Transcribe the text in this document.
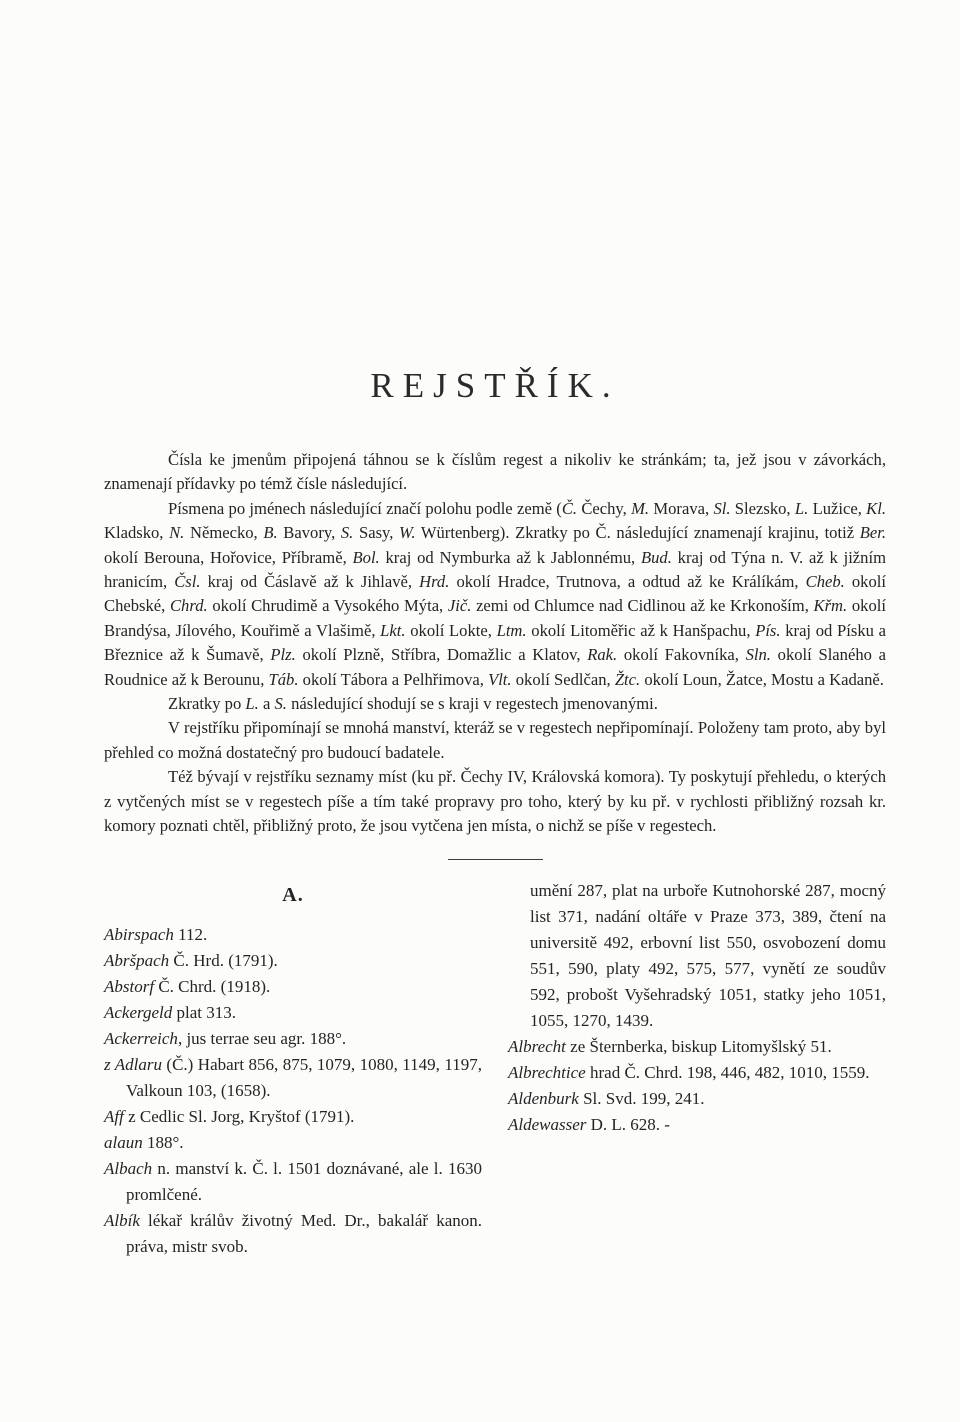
REJSTŘÍK.

Čísla ke jmenům připojená táhnou se k číslům regest a nikoliv ke stránkám; ta, jež jsou v závorkách, znamenají přídavky po témž čísle následující.

Písmena po jménech následující značí polohu podle země (Č. Čechy, M. Morava, Sl. Slezsko, L. Lužice, Kl. Kladsko, N. Německo, B. Bavory, S. Sasy, W. Würtenberg). Zkratky po Č. následující znamenají krajinu, totiž Ber. okolí Berouna, Hořovice, Příbramě, Bol. kraj od Nymburka až k Jablonnému, Bud. kraj od Týna n. V. až k jižním hranicím, Čsl. kraj od Čáslavě až k Jihlavě, Hrd. okolí Hradce, Trutnova, a odtud až ke Králíkám, Cheb. okolí Chebské, Chrd. okolí Chrudimě a Vysokého Mýta, Jič. zemi od Chlumce nad Cidlinou až ke Krkonoším, Křm. okolí Brandýsa, Jílového, Kouřimě a Vlašimě, Lkt. okolí Lokte, Ltm. okolí Litoměřic až k Hanšpachu, Pís. kraj od Písku a Březnice až k Šumavě, Plz. okolí Plzně, Stříbra, Domažlic a Klatov, Rak. okolí Fakovníka, Sln. okolí Slaného a Roudnice až k Berounu, Táb. okolí Tábora a Pelhřimova, Vlt. okolí Sedlčan, Žtc. okolí Loun, Žatce, Mostu a Kadaně.

Zkratky po L. a S. následující shodují se s kraji v regestech jmenovanými.

V rejstříku připomínají se mnohá manství, kteráž se v regestech nepřipomínají. Položeny tam proto, aby byl přehled co možná dostatečný pro budoucí badatele.

Též bývají v rejstříku seznamy míst (ku př. Čechy IV, Královská komora). Ty poskytují přehledu, o kterých z vytčených míst se v regestech píše a tím také propravy pro toho, který by ku př. v rychlosti přibližný rozsah kr. komory poznati chtěl, přibližný proto, že jsou vytčena jen místa, o nichž se píše v regestech.

A.

Abirspach 112.

Abršpach Č. Hrd. (1791).

Abstorf Č. Chrd. (1918).

Ackergeld plat 313.

Ackerreich, jus terrae seu agr. 188°.

z Adlaru (Č.) Habart 856, 875, 1079, 1080, 1149, 1197, Valkoun 103, (1658).

Aff z Cedlic Sl. Jorg, Kryštof (1791).

alaun 188°.

Albach n. manství k. Č. l. 1501 doznávané, ale l. 1630 promlčené.

Albík lékař králův životný Med. Dr., bakalář kanon. práva, mistr svob.

umění 287, plat na urboře Kutnohorské 287, mocný list 371, nadání oltáře v Praze 373, 389, čtení na universitě 492, erbovní list 550, osvobození domu 551, 590, platy 492, 575, 577, vynětí ze soudův 592, probošt Vyšehradský 1051, statky jeho 1051, 1055, 1270, 1439.

Albrecht ze Šternberka, biskup Litomyšlský 51.

Albrechtice hrad Č. Chrd. 198, 446, 482, 1010, 1559.

Aldenburk Sl. Svd. 199, 241.

Aldewasser D. L. 628. -
